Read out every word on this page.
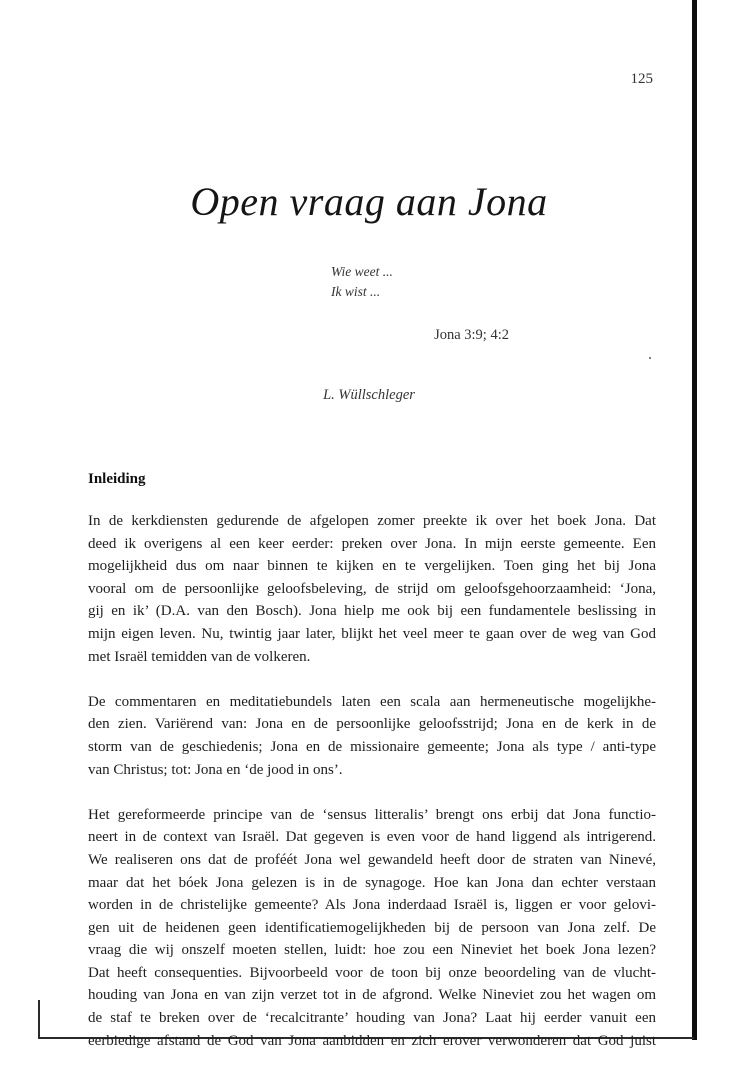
125
Open vraag aan Jona
Wie weet ...
Ik wist ...
Jona 3:9; 4:2
L. Wüllschleger
Inleiding
In de kerkdiensten gedurende de afgelopen zomer preekte ik over het boek Jona. Dat
deed ik overigens al een keer eerder: preken over Jona. In mijn eerste gemeente. Een
mogelijkheid dus om naar binnen te kijken en te vergelijken. Toen ging het bij Jona
vooral om de persoonlijke geloofsbeleving, de strijd om geloofsgehoorzaamheid: ‘Jona,
gij en ik’ (D.A. van den Bosch). Jona hielp me ook bij een fundamentele beslissing in
mijn eigen leven. Nu, twintig jaar later, blijkt het veel meer te gaan over de weg van God
met Israël temidden van de volkeren.
De commentaren en meditatiebundels laten een scala aan hermeneutische mogelijkhe-
den zien. Variërend van: Jona en de persoonlijke geloofsstrijd; Jona en de kerk in de
storm van de geschiedenis; Jona en de missionaire gemeente; Jona als type / anti-type
van Christus; tot: Jona en ‘de jood in ons’.
Het gereformeerde principe van de ‘sensus litteralis’ brengt ons erbij dat Jona functio-
neert in de context van Israël. Dat gegeven is even voor de hand liggend als intrigerend.
We realiseren ons dat de proféét Jona wel gewandeld heeft door de straten van Ninevé,
maar dat het bóek Jona gelezen is in de synagoge. Hoe kan Jona dan echter verstaan
worden in de christelijke gemeente? Als Jona inderdaad Israël is, liggen er voor gelovi-
gen uit de heidenen geen identificatiemogelijkheden bij de persoon van Jona zelf. De
vraag die wij onszelf moeten stellen, luidt: hoe zou een Nineviet het boek Jona lezen?
Dat heeft consequenties. Bijvoorbeeld voor de toon bij onze beoordeling van de vlucht-
houding van Jona en van zijn verzet tot in de afgrond. Welke Nineviet zou het wagen om
de staf te breken over de ‘recalcitrante’ houding van Jona? Laat hij eerder vanuit een
eerbiedige afstand de God van Jona aanbidden en zich erover verwonderen dat God juist
